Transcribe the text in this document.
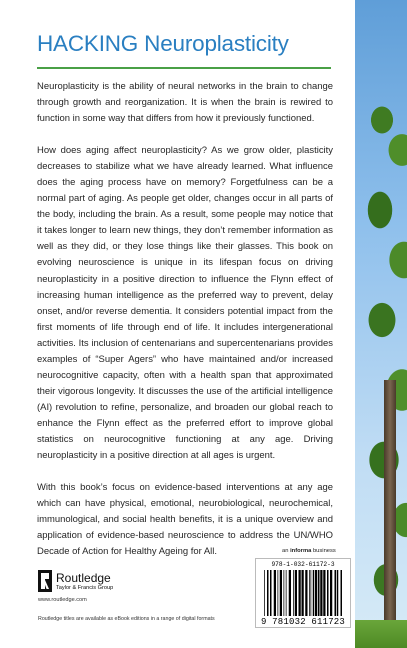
HACKING Neuroplasticity

Neuroplasticity is the ability of neural networks in the brain to change through growth and reorganization. It is when the brain is rewired to function in some way that differs from how it previously functioned.

How does aging affect neuroplasticity? As we grow older, plasticity decreases to stabilize what we have already learned. What influence does the aging process have on memory? Forgetfulness can be a normal part of aging. As people get older, changes occur in all parts of the body, including the brain. As a result, some people may notice that it takes longer to learn new things, they don’t remember information as well as they did, or they lose things like their glasses. This book on evolving neuroscience is unique in its lifespan focus on driving neuroplasticity in a positive direction to influence the Flynn effect of increasing human intelligence as the preferred way to prevent, delay onset, and/or reverse dementia. It considers potential impact from the first moments of life through end of life. It includes intergenerational activities. Its inclusion of centenarians and supercentenarians provides examples of “Super Agers” who have maintained and/or increased neurocognitive capacity, often with a health span that approximated their vigorous longevity. It discusses the use of the artificial intelligence (AI) revolution to refine, personalize, and broaden our global reach to enhance the Flynn effect as the preferred effort to improve global statistics on neurocognitive functioning at any age. Driving neuroplasticity in a positive direction at all ages is urgent.

With this book’s focus on evidence-based interventions at any age which can have physical, emotional, neurobiological, neurochemical, immunological, and social health benefits, it is a unique overview and application of evidence-based neuroscience to address the UN/WHO Decade of Action for Healthy Ageing for All.	an informa business
978-1-032-61172-3
9 781032 611723
Routledge
Taylor & Francis Group
www.routledge.com
Routledge titles are available as eBook editions in a range of digital formats
